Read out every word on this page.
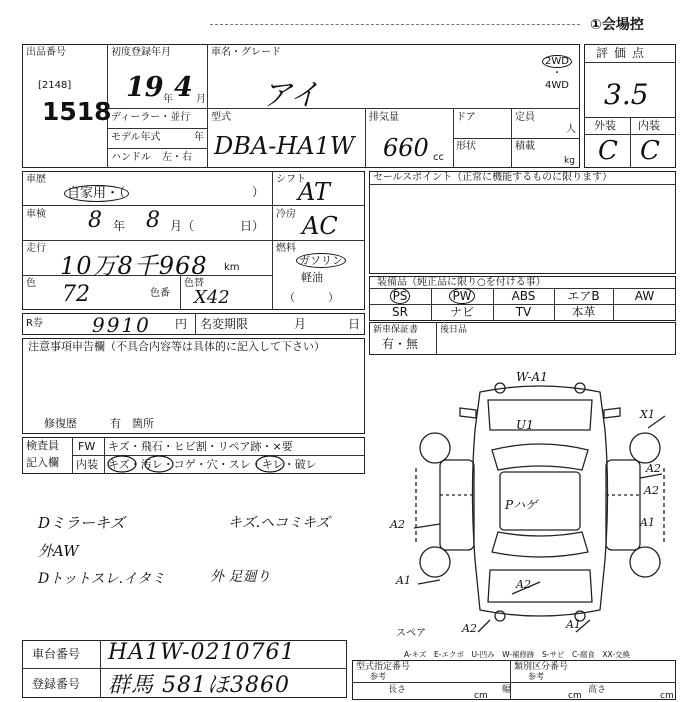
①会場控
出品番号
[2148]
1518
初度登録年月
19 年 4 月
ディーラー・並行
モデル年式	年
ハンドル 左・右
車名・グレード
アイ
2WD
・
4WD
型式
DBA-HA1W
排気量
660 cc
ドア	定員
人
形状	積載
kg
評価点
3.5
外装 内装
C C
車歴
自家用・（	）
車検 8 年 8 月（	日）
走行
10万8千968 km
色 72	色番
色替
X42
シフト
AT
冷房 AC
燃料
ガソリン
軽油
（　　　）
セールスポイント（正常に機能するものに限ります）
装備品（純正品に限り○を付ける事）
PS	PW	ABS	エアB	AW
SR	ナビ	TV	本革
R券 9910 円 名変期限	月	日 新車保証書
有・無
後日品
注意事項申告欄（不具合内容等は具体的に記入して下さい）
修復歴	有　箇所
検査員
記入欄
FW キズ・飛石・ヒビ割・リペア跡・×要
内装 キズ・汚レ・コゲ・穴・スレ・キレ・破レ
Dミラーキズ
外AW
Dトットスレ.イタミ
キズ.ヘコミキズ
外 足廻り
W-A1
U1
Pハゲ
X1
A2
A2
A2	A1
A1	A2
A2	A1
スペア
A-キズ　E-エクボ　U-凹み　W-補修跡　S-サビ　C-腐食　XX-交換
車台番号 HA1W-0210761
登録番号 群馬 581ほ3860
型式指定番号
参考
類別区分番号
参考
長さ
cm
幅
cm
高さ
cm
